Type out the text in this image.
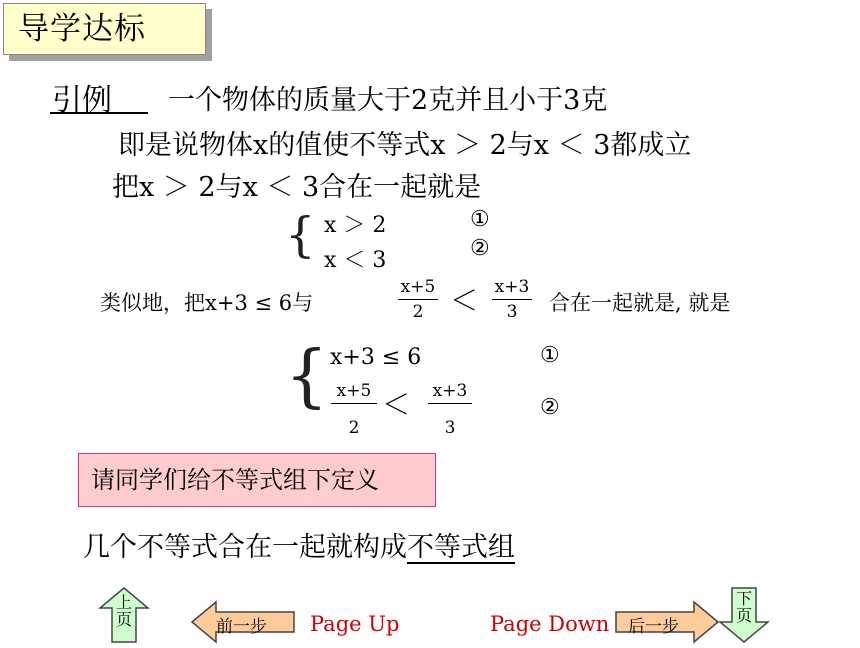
导学达标
引例 一个物体的质量大于2克并且小于3克
即是说物体x的值使不等式x ＞ 2与x ＜ 3都成立
把x ＞ 2与x ＜ 3合在一起就是
{ x ＞ 2
x ＜ 3
①
②
类似地，把x+3 ≤ 6与
x+5
2 ＜ x+3
3	合在一起就是, 就是
{ x+3 ≤ 6
x+5
2
＜ x+3
3
①
②
请同学们给不等式组下定义
几个不等式合在一起就构成不等式组
上页	前一步 Page Up	Page Down 后一步
下页
